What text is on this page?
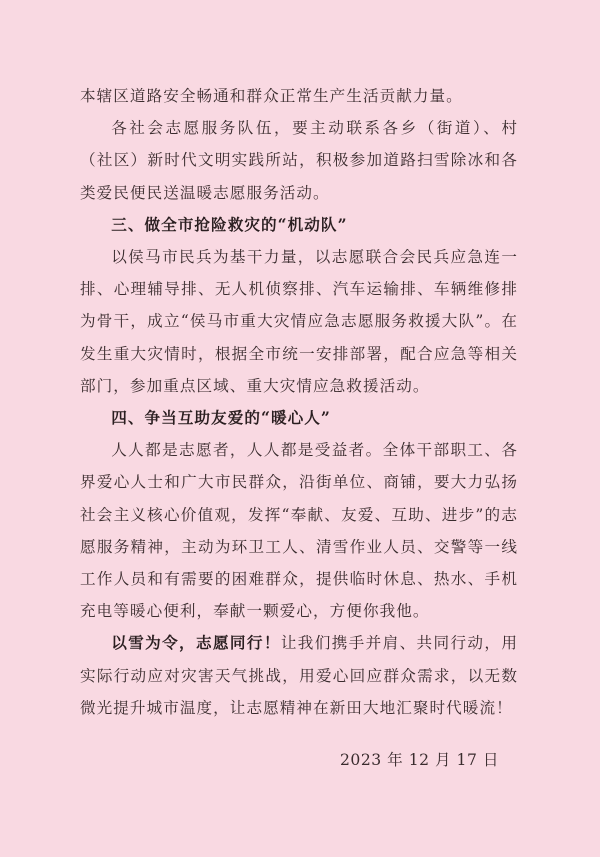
本辖区道路安全畅通和群众正常生产生活贡献力量。

各社会志愿服务队伍，要主动联系各乡（街道）、村（社区）新时代文明实践所站，积极参加道路扫雪除冰和各类爱民便民送温暖志愿服务活动。

三、做全市抢险救灾的“机动队”

以侯马市民兵为基干力量，以志愿联合会民兵应急连一排、心理辅导排、无人机侦察排、汽车运输排、车辆维修排为骨干，成立“侯马市重大灾情应急志愿服务救援大队”。在发生重大灾情时，根据全市统一安排部署，配合应急等相关部门，参加重点区域、重大灾情应急救援活动。

四、争当互助友爱的“暖心人”

人人都是志愿者，人人都是受益者。全体干部职工、各界爱心人士和广大市民群众，沿街单位、商铺，要大力弘扬社会主义核心价值观，发挥“奉献、友爱、互助、进步”的志愿服务精神，主动为环卫工人、清雪作业人员、交警等一线工作人员和有需要的困难群众，提供临时休息、热水、手机充电等暖心便利，奉献一颗爱心，方便你我他。

以雪为令，志愿同行！让我们携手并肩、共同行动，用实际行动应对灾害天气挑战，用爱心回应群众需求，以无数微光提升城市温度，让志愿精神在新田大地汇聚时代暖流！

2023 年 12 月 17 日
